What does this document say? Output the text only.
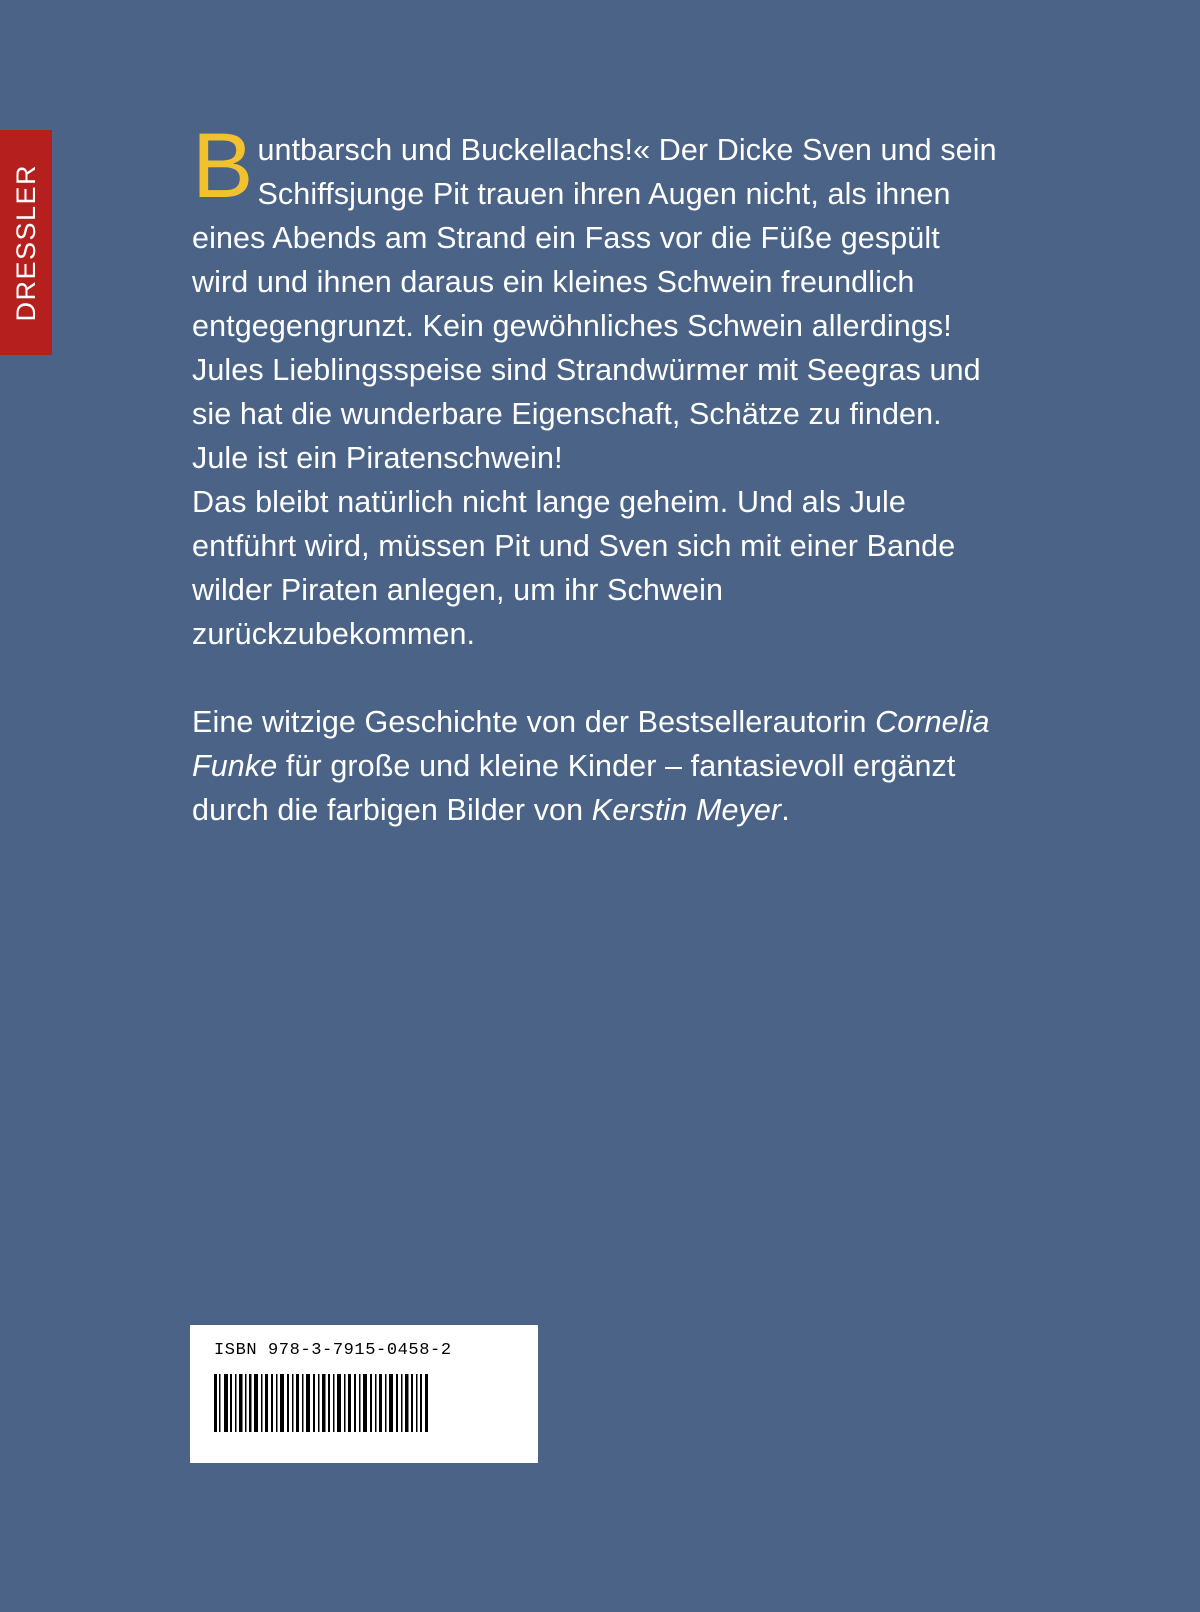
DRESSLER Buntbarsch und Buckellachs!« Der Dicke Sven und sein Schiffsjunge Pit trauen ihren Augen nicht, als ihnen eines Abends am Strand ein Fass vor die Füße gespült wird und ihnen daraus ein kleines Schwein freundlich entgegengrunzt. Kein gewöhnliches Schwein allerdings! Jules Lieblingsspeise sind Strandwürmer mit Seegras und sie hat die wunderbare Eigenschaft, Schätze zu finden. Jule ist ein Piratenschwein!

Das bleibt natürlich nicht lange geheim. Und als Jule entführt wird, müssen Pit und Sven sich mit einer Bande wilder Piraten anlegen, um ihr Schwein zurückzubekommen.

Eine witzige Geschichte von der Bestsellerautorin Cornelia Funke für große und kleine Kinder – fantasievoll ergänzt durch die farbigen Bilder von Kerstin Meyer.

ISBN 978-3-7915-0458-2
